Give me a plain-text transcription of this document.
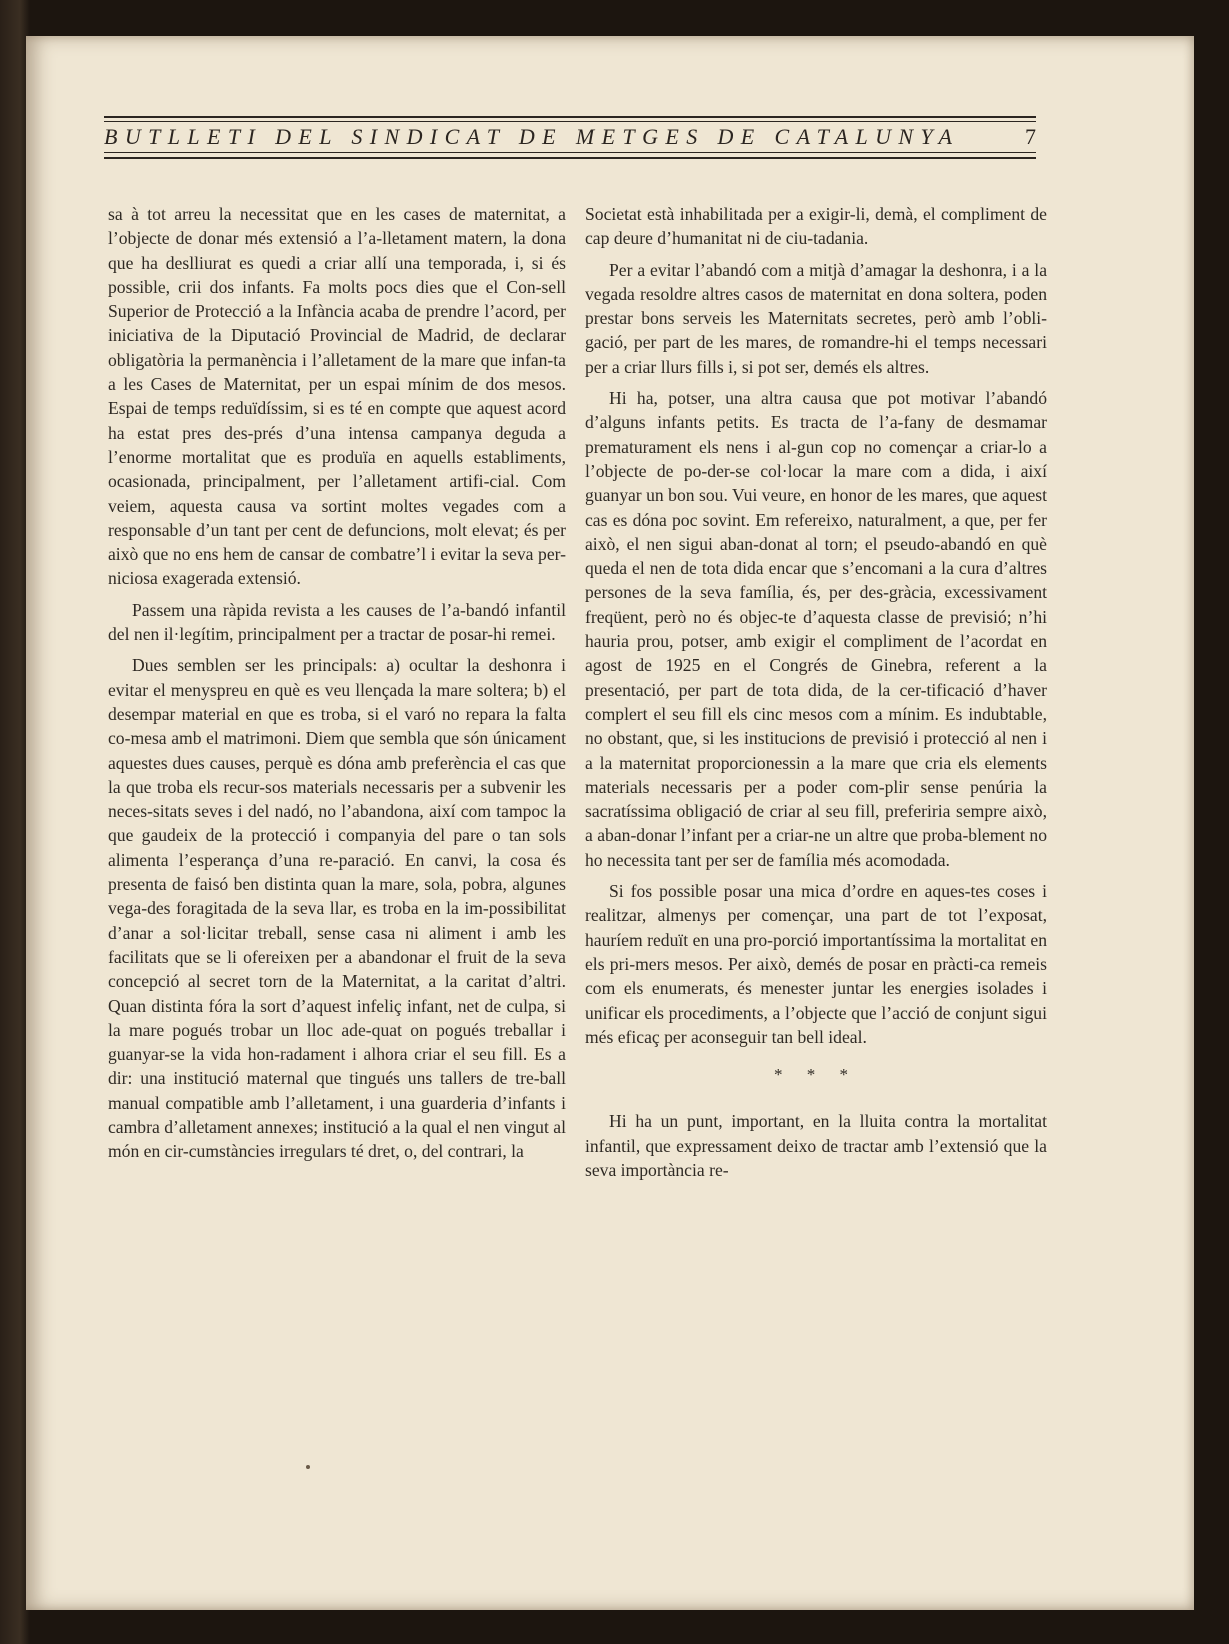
BUTLLETI DEL SINDICAT DE METGES DE CATALUNYA	7

sa à tot arreu la necessitat que en les cases de maternitat, a l’objecte de donar més extensió a l’a-lletament matern, la dona que ha deslliurat es quedi a criar allí una temporada, i, si és possible, crii dos infants. Fa molts pocs dies que el Con-sell Superior de Protecció a la Infància acaba de prendre l’acord, per iniciativa de la Diputació Provincial de Madrid, de declarar obligatòria la permanència i l’alletament de la mare que infan-ta a les Cases de Maternitat, per un espai mínim de dos mesos. Espai de temps reduïdíssim, si es té en compte que aquest acord ha estat pres des-prés d’una intensa campanya deguda a l’enorme mortalitat que es produïa en aquells establiments, ocasionada, principalment, per l’alletament artifi-cial. Com veiem, aquesta causa va sortint moltes vegades com a responsable d’un tant per cent de defuncions, molt elevat; és per això que no ens hem de cansar de combatre’l i evitar la seva per-niciosa exagerada extensió.

Passem una ràpida revista a les causes de l’a-bandó infantil del nen il·legítim, principalment per a tractar de posar-hi remei.

Dues semblen ser les principals: a) ocultar la deshonra i evitar el menyspreu en què es veu llençada la mare soltera; b) el desempar material en que es troba, si el varó no repara la falta co-mesa amb el matrimoni. Diem que sembla que són únicament aquestes dues causes, perquè es dóna amb preferència el cas que la que troba els recur-sos materials necessaris per a subvenir les neces-sitats seves i del nadó, no l’abandona, així com tampoc la que gaudeix de la protecció i companyia del pare o tan sols alimenta l’esperança d’una re-paració. En canvi, la cosa és presenta de faisó ben distinta quan la mare, sola, pobra, algunes vega-des foragitada de la seva llar, es troba en la im-possibilitat d’anar a sol·licitar treball, sense casa ni aliment i amb les facilitats que se li ofereixen per a abandonar el fruit de la seva concepció al secret torn de la Maternitat, a la caritat d’altri. Quan distinta fóra la sort d’aquest infeliç infant, net de culpa, si la mare pogués trobar un lloc ade-quat on pogués treballar i guanyar-se la vida hon-radament i alhora criar el seu fill. Es a dir: una institució maternal que tingués uns tallers de tre-ball manual compatible amb l’alletament, i una guarderia d’infants i cambra d’alletament annexes; institució a la qual el nen vingut al món en cir-cumstàncies irregulars té dret, o, del contrari, la

Societat està inhabilitada per a exigir-li, demà, el compliment de cap deure d’humanitat ni de ciu-tadania.

Per a evitar l’abandó com a mitjà d’amagar la deshonra, i a la vegada resoldre altres casos de maternitat en dona soltera, poden prestar bons serveis les Maternitats secretes, però amb l’obli-gació, per part de les mares, de romandre-hi el temps necessari per a criar llurs fills i, si pot ser, demés els altres.

Hi ha, potser, una altra causa que pot motivar l’abandó d’alguns infants petits. Es tracta de l’a-fany de desmamar prematurament els nens i al-gun cop no començar a criar-lo a l’objecte de po-der-se col·locar la mare com a dida, i així guanyar un bon sou. Vui veure, en honor de les mares, que aquest cas es dóna poc sovint. Em refereixo, naturalment, a que, per fer això, el nen sigui aban-donat al torn; el pseudo-abandó en què queda el nen de tota dida encar que s’encomani a la cura d’altres persones de la seva família, és, per des-gràcia, excessivament freqüent, però no és objec-te d’aquesta classe de previsió; n’hi hauria prou, potser, amb exigir el compliment de l’acordat en agost de 1925 en el Congrés de Ginebra, referent a la presentació, per part de tota dida, de la cer-tificació d’haver complert el seu fill els cinc mesos com a mínim. Es indubtable, no obstant, que, si les institucions de previsió i protecció al nen i a la maternitat proporcionessin a la mare que cria els elements materials necessaris per a poder com-plir sense penúria la sacratíssima obligació de criar al seu fill, preferiria sempre això, a aban-donar l’infant per a criar-ne un altre que proba-blement no ho necessita tant per ser de família més acomodada.

Si fos possible posar una mica d’ordre en aques-tes coses i realitzar, almenys per començar, una part de tot l’exposat, hauríem reduït en una pro-porció importantíssima la mortalitat en els pri-mers mesos. Per això, demés de posar en pràcti-ca remeis com els enumerats, és menester juntar les energies isolades i unificar els procediments, a l’objecte que l’acció de conjunt sigui més eficaç per aconseguir tan bell ideal.

* * *

Hi ha un punt, important, en la lluita contra la mortalitat infantil, que expressament deixo de tractar amb l’extensió que la seva importància re-
